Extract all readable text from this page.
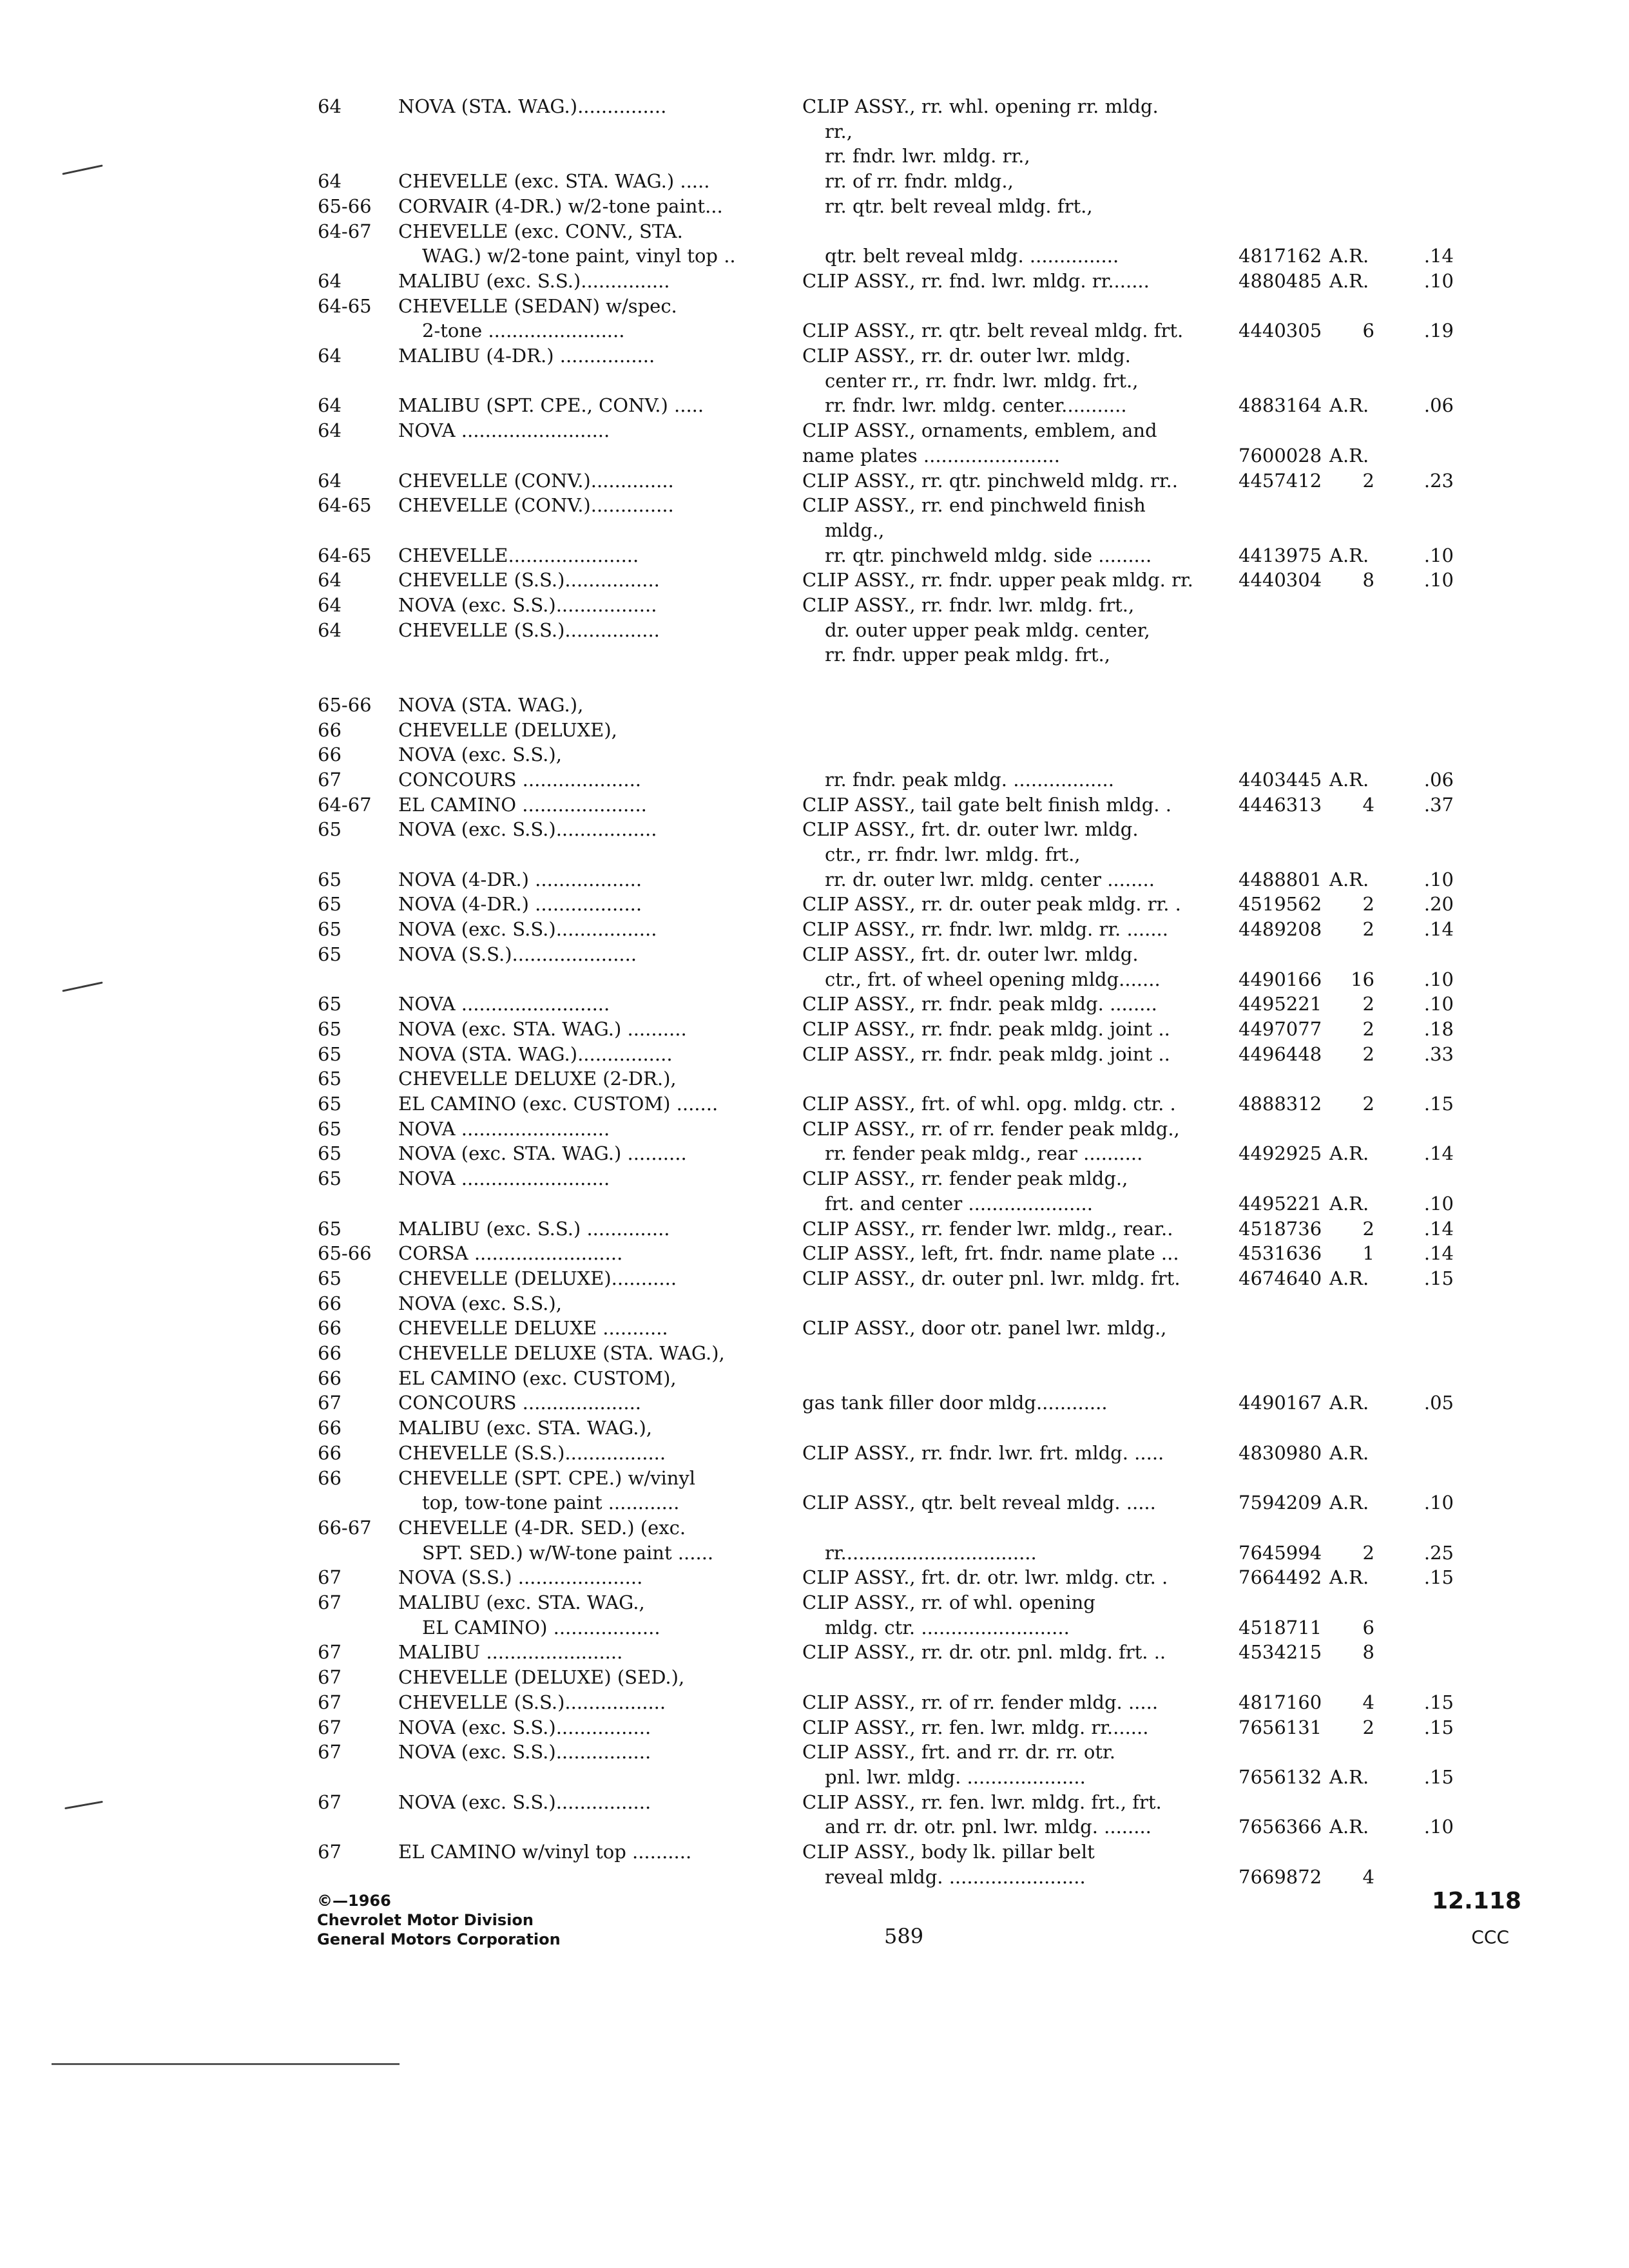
64	NOVA (STA. WAG.)...............	CLIP ASSY., rr. whl. opening rr. mldg.
rr.,
rr. fndr. lwr. mldg. rr.,
64	CHEVELLE (exc. STA. WAG.) .....	rr. of rr. fndr. mldg.,
65-66 CORVAIR (4-DR.) w/2-tone paint...	rr. qtr. belt reveal mldg. frt.,
64-67 CHEVELLE (exc. CONV., STA.
WAG.) w/2-tone paint, vinyl top ..	qtr. belt reveal mldg. ...............	4817162 A.R.	.14
64	MALIBU (exc. S.S.)...............	CLIP ASSY., rr. fnd. lwr. mldg. rr.......	4880485 A.R.	.10
64-65 CHEVELLE (SEDAN) w/spec.
2-tone .......................	CLIP ASSY., rr. qtr. belt reveal mldg. frt.	4440305	6	.19
64	MALIBU (4-DR.) ................	CLIP ASSY., rr. dr. outer lwr. mldg.
center rr., rr. fndr. lwr. mldg. frt.,
64	MALIBU (SPT. CPE., CONV.) .....	rr. fndr. lwr. mldg. center...........	4883164 A.R.	.06
64	NOVA .........................	CLIP ASSY., ornaments, emblem, and
name plates .......................	7600028 A.R.
64	CHEVELLE (CONV.)..............	CLIP ASSY., rr. qtr. pinchweld mldg. rr..	4457412	2	.23
64-65 CHEVELLE (CONV.)..............	CLIP ASSY., rr. end pinchweld finish
mldg.,
64-65 CHEVELLE......................	rr. qtr. pinchweld mldg. side .........	4413975 A.R.	.10
64	CHEVELLE (S.S.)................	CLIP ASSY., rr. fndr. upper peak mldg. rr. 4440304	8	.10
64	NOVA (exc. S.S.).................	CLIP ASSY., rr. fndr. lwr. mldg. frt.,
64	CHEVELLE (S.S.)................	dr. outer upper peak mldg. center,
rr. fndr. upper peak mldg. frt.,
65-66 NOVA (STA. WAG.),
66	CHEVELLE (DELUXE),
66	NOVA (exc. S.S.),
67	CONCOURS ....................	rr. fndr. peak mldg. .................	4403445 A.R.	.06
64-67 EL CAMINO .....................	CLIP ASSY., tail gate belt finish mldg. .	4446313	4	.37
65	NOVA (exc. S.S.).................	CLIP ASSY., frt. dr. outer lwr. mldg.
ctr., rr. fndr. lwr. mldg. frt.,
65	NOVA (4-DR.) ..................	rr. dr. outer lwr. mldg. center ........	4488801 A.R.	.10
65	NOVA (4-DR.) ..................	CLIP ASSY., rr. dr. outer peak mldg. rr. .	4519562	2	.20
65	NOVA (exc. S.S.).................	CLIP ASSY., rr. fndr. lwr. mldg. rr. .......	4489208	2	.14
65	NOVA (S.S.).....................	CLIP ASSY., frt. dr. outer lwr. mldg.
ctr., frt. of wheel opening mldg.......	4490166	16	.10
65	NOVA .........................	CLIP ASSY., rr. fndr. peak mldg. ........	4495221	2	.10
65	NOVA (exc. STA. WAG.) ..........	CLIP ASSY., rr. fndr. peak mldg. joint ..	4497077	2	.18
65	NOVA (STA. WAG.)................	CLIP ASSY., rr. fndr. peak mldg. joint ..	4496448	2	.33
65	CHEVELLE DELUXE (2-DR.),
65	EL CAMINO (exc. CUSTOM) .......	CLIP ASSY., frt. of whl. opg. mldg. ctr. .	4888312	2	.15
65	NOVA .........................	CLIP ASSY., rr. of rr. fender peak mldg.,
65	NOVA (exc. STA. WAG.) ..........	rr. fender peak mldg., rear ..........	4492925 A.R.	.14
65	NOVA .........................	CLIP ASSY., rr. fender peak mldg.,
frt. and center .....................	4495221 A.R.	.10
65	MALIBU (exc. S.S.) ..............	CLIP ASSY., rr. fender lwr. mldg., rear..	4518736	2	.14
65-66 CORSA .........................	CLIP ASSY., left, frt. fndr. name plate ...	4531636	1	.14
65	CHEVELLE (DELUXE)...........	CLIP ASSY., dr. outer pnl. lwr. mldg. frt.	4674640 A.R.	.15
66	NOVA (exc. S.S.),
66	CHEVELLE DELUXE ...........	CLIP ASSY., door otr. panel lwr. mldg.,
66	CHEVELLE DELUXE (STA. WAG.),
66	EL CAMINO (exc. CUSTOM),
67	CONCOURS ....................	gas tank filler door mldg............	4490167 A.R.	.05
66	MALIBU (exc. STA. WAG.),
66	CHEVELLE (S.S.).................	CLIP ASSY., rr. fndr. lwr. frt. mldg. .....	4830980 A.R.
66	CHEVELLE (SPT. CPE.) w/vinyl
top, tow-tone paint ............	CLIP ASSY., qtr. belt reveal mldg. .....	7594209 A.R.	.10
66-67 CHEVELLE (4-DR. SED.) (exc.
SPT. SED.) w/W-tone paint ......	rr.................................	7645994	2	.25
67	NOVA (S.S.) .....................	CLIP ASSY., frt. dr. otr. lwr. mldg. ctr. .	7664492 A.R.	.15
67	MALIBU (exc. STA. WAG.,	CLIP ASSY., rr. of whl. opening
EL CAMINO) ..................	mldg. ctr. .........................	4518711	6
67	MALIBU .......................	CLIP ASSY., rr. dr. otr. pnl. mldg. frt. ..	4534215	8
67	CHEVELLE (DELUXE) (SED.),
67	CHEVELLE (S.S.).................	CLIP ASSY., rr. of rr. fender mldg. .....	4817160	4	.15
67	NOVA (exc. S.S.)................	CLIP ASSY., rr. fen. lwr. mldg. rr.......	7656131	2	.15
67	NOVA (exc. S.S.)................	CLIP ASSY., frt. and rr. dr. rr. otr.
pnl. lwr. mldg. ....................	7656132 A.R.	.15
67	NOVA (exc. S.S.)................	CLIP ASSY., rr. fen. lwr. mldg. frt., frt.
and rr. dr. otr. pnl. lwr. mldg. ........	7656366 A.R.	.10
67	EL CAMINO w/vinyl top ..........	CLIP ASSY., body lk. pillar belt
reveal mldg. .......................	7669872	4
©—1966
Chevrolet Motor Division
General Motors Corporation	589
12.118
CCC
